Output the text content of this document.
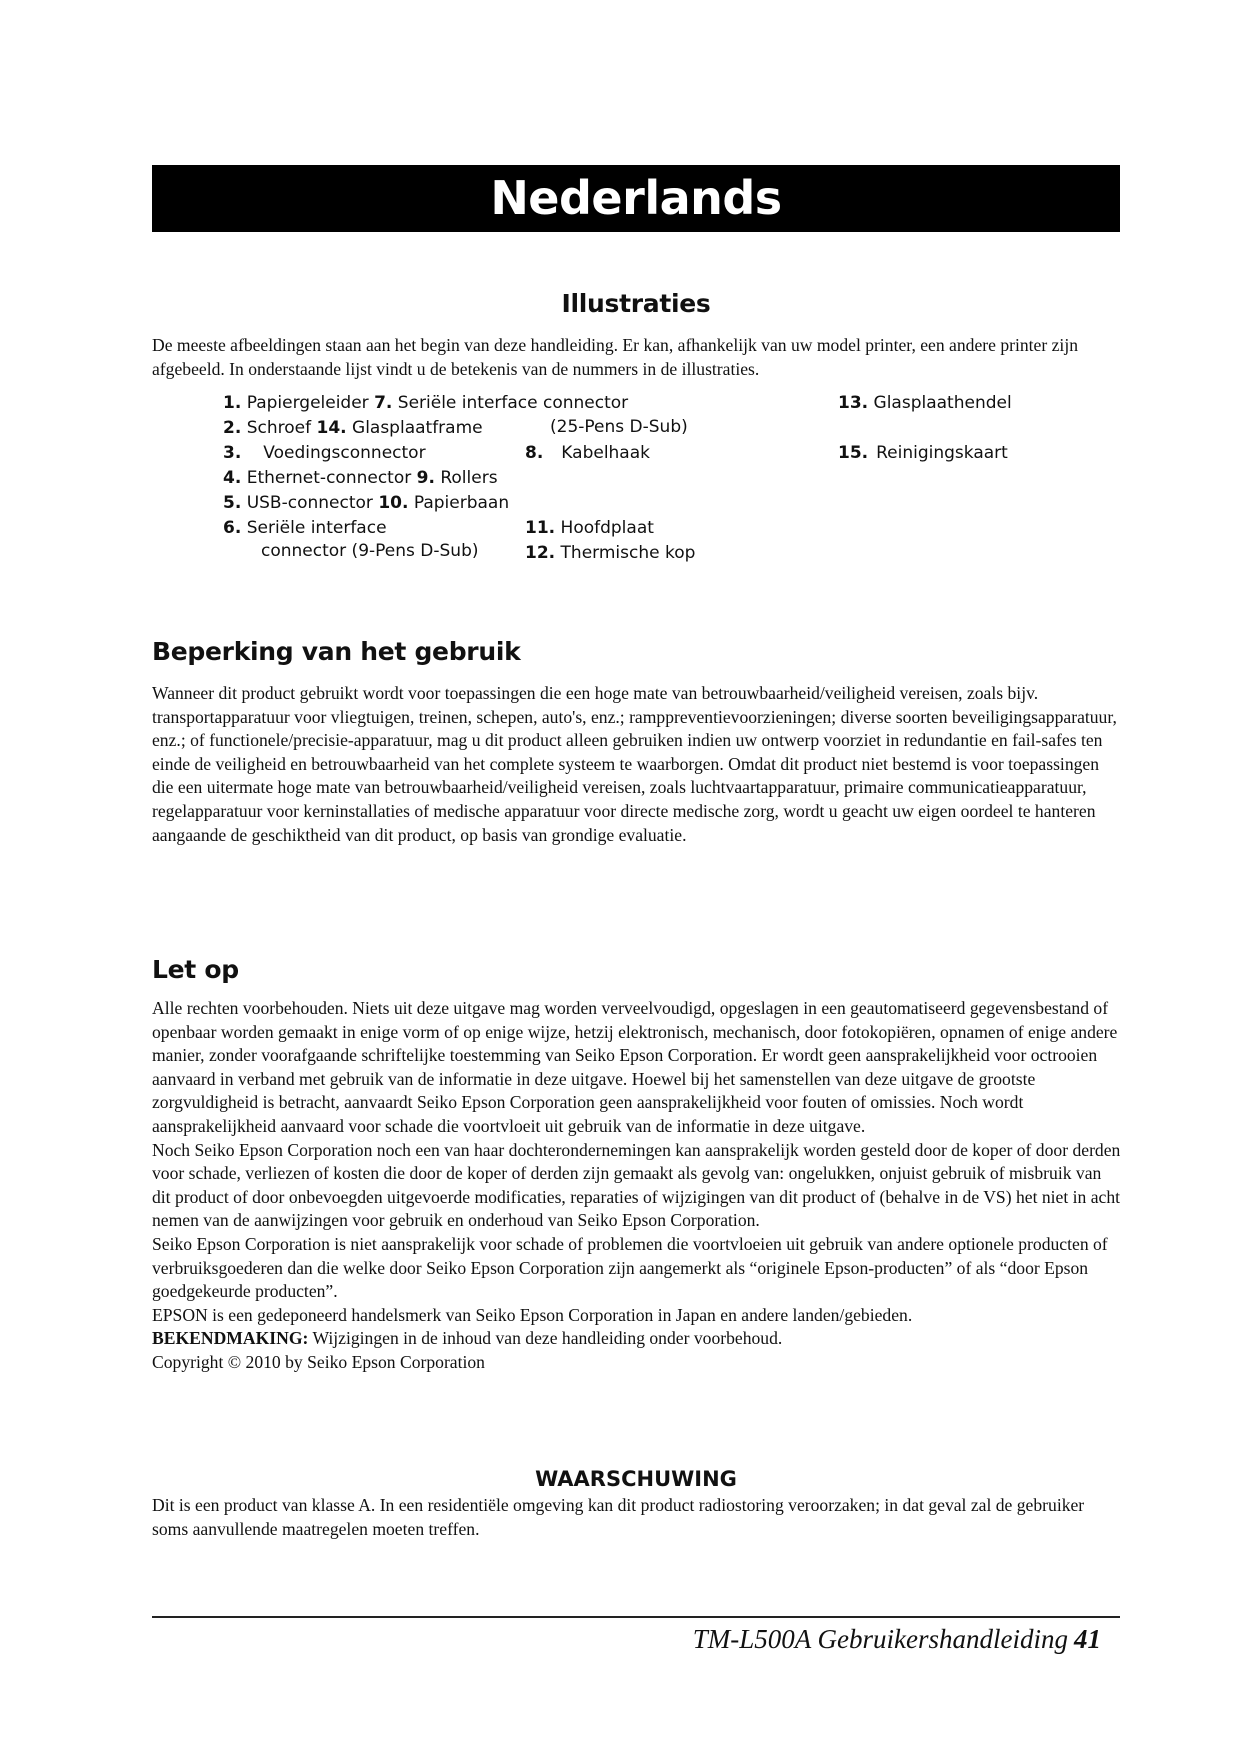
Nederlands
Illustraties

De meeste afbeeldingen staan aan het begin van deze handleiding. Er kan, afhankelijk van uw model printer, een andere printer zijn afgebeeld. In onderstaande lijst vindt u de betekenis van de nummers in de illustraties.

1. Papiergeleider 7. Seriële interface connector	13. Glasplaathendel
2. Schroef 14. Glasplaatframe	(25-Pens D-Sub)
3. Voedingsconnector	8. Kabelhaak	15. Reinigingskaart
4. Ethernet-connector 9. Rollers
5. USB-connector 10. Papierbaan
6. Seriële interface	11. Hoofdplaat
connector (9-Pens D-Sub)	12. Thermische kop
Beperking van het gebruik

Wanneer dit product gebruikt wordt voor toepassingen die een hoge mate van betrouwbaarheid/veiligheid vereisen, zoals bijv. transportapparatuur voor vliegtuigen, treinen, schepen, auto's, enz.; ramppreventievoorzieningen; diverse soorten beveiligingsapparatuur, enz.; of functionele/precisie-apparatuur, mag u dit product alleen gebruiken indien uw ontwerp voorziet in redundantie en fail-safes ten einde de veiligheid en betrouwbaarheid van het complete systeem te waarborgen. Omdat dit product niet bestemd is voor toepassingen die een uitermate hoge mate van betrouwbaarheid/veiligheid vereisen, zoals luchtvaartapparatuur, primaire communicatieapparatuur, regelapparatuur voor kerninstallaties of medische apparatuur voor directe medische zorg, wordt u geacht uw eigen oordeel te hanteren aangaande de geschiktheid van dit product, op basis van grondige evaluatie.

Let op

Alle rechten voorbehouden. Niets uit deze uitgave mag worden verveelvoudigd, opgeslagen in een geautomatiseerd gegevensbestand of openbaar worden gemaakt in enige vorm of op enige wijze, hetzij elektronisch, mechanisch, door fotokopiëren, opnamen of enige andere manier, zonder voorafgaande schriftelijke toestemming van Seiko Epson Corporation. Er wordt geen aansprakelijkheid voor octrooien aanvaard in verband met gebruik van de informatie in deze uitgave. Hoewel bij het samenstellen van deze uitgave de grootste zorgvuldigheid is betracht, aanvaardt Seiko Epson Corporation geen aansprakelijkheid voor fouten of omissies. Noch wordt aansprakelijkheid aanvaard voor schade die voortvloeit uit gebruik van de informatie in deze uitgave.

Noch Seiko Epson Corporation noch een van haar dochterondernemingen kan aansprakelijk worden gesteld door de koper of door derden voor schade, verliezen of kosten die door de koper of derden zijn gemaakt als gevolg van: ongelukken, onjuist gebruik of misbruik van dit product of door onbevoegden uitgevoerde modificaties, reparaties of wijzigingen van dit product of (behalve in de VS) het niet in acht nemen van de aanwijzingen voor gebruik en onderhoud van Seiko Epson Corporation.

Seiko Epson Corporation is niet aansprakelijk voor schade of problemen die voortvloeien uit gebruik van andere optionele producten of verbruiksgoederen dan die welke door Seiko Epson Corporation zijn aangemerkt als “originele Epson-producten” of als “door Epson goedgekeurde producten”.

EPSON is een gedeponeerd handelsmerk van Seiko Epson Corporation in Japan en andere landen/gebieden.

BEKENDMAKING: Wijzigingen in de inhoud van deze handleiding onder voorbehoud.

Copyright © 2010 by Seiko Epson Corporation

WAARSCHUWING

Dit is een product van klasse A. In een residentiële omgeving kan dit product radiostoring veroorzaken; in dat geval zal de gebruiker soms aanvullende maatregelen moeten treffen.

TM-L500A Gebruikershandleiding 41
